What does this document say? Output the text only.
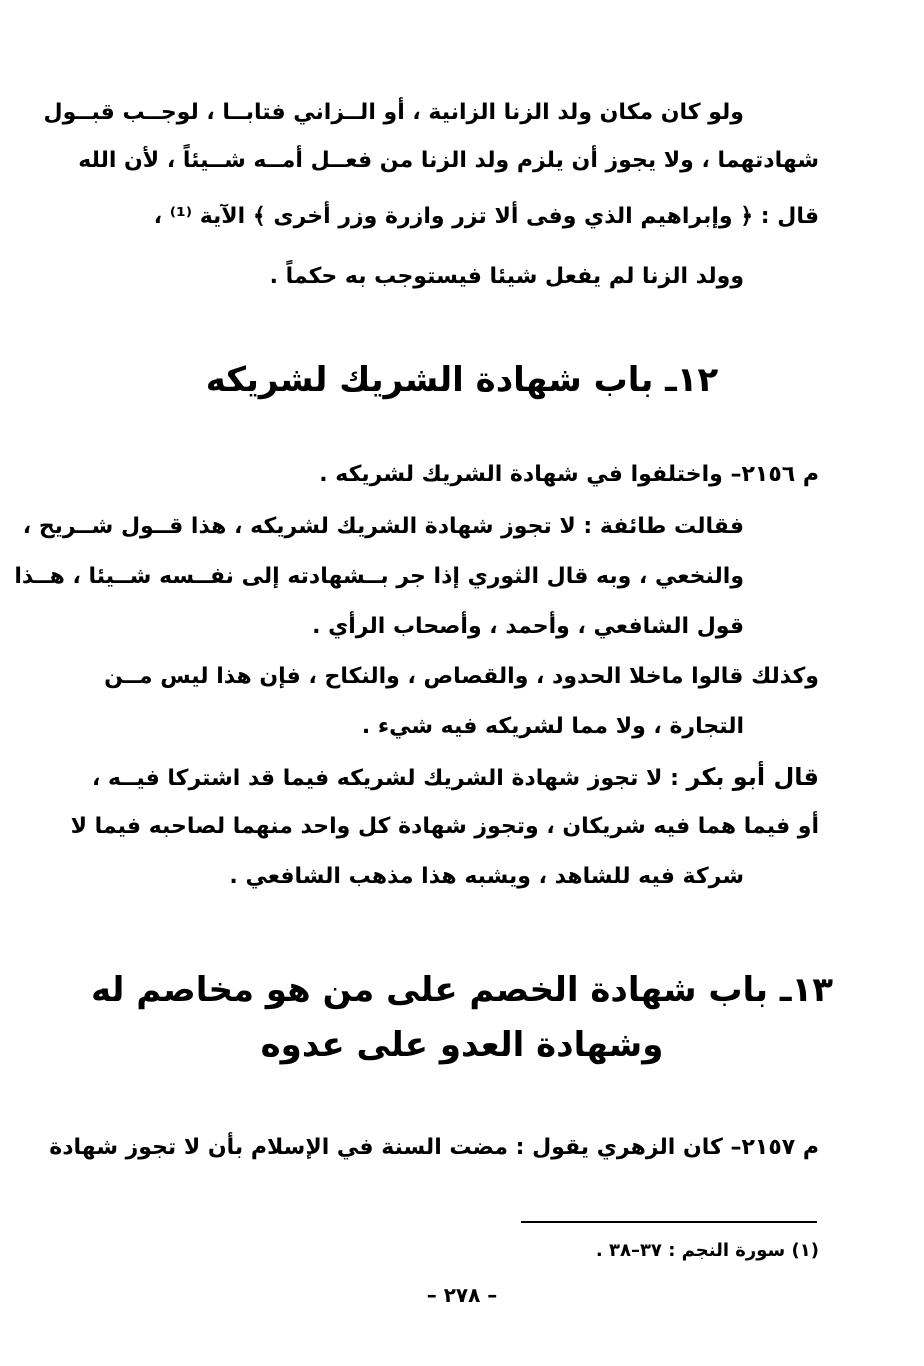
ولو كان مكان ولد الزنا الزانية ، أو الــزاني فتابــا ، لوجــب قبــول
شهادتهما ، ولا يجوز أن يلزم ولد الزنا من فعــل أمــه شــيئاً ، لأن الله
قال : ﴿ وإبراهيم الذي وفى ألا تزر وازرة وزر أخرى ﴾ الآية ⁽¹⁾ ،
وولد الزنا لم يفعل شيئا فيستوجب به حكماً .
١٢ـ باب شهادة الشريك لشريكه
م ٢١٥٦– واختلفوا في شهادة الشريك لشريكه .
فقالت طائفة : لا تجوز شهادة الشريك لشريكه ، هذا قــول شــريح ،
والنخعي ، وبه قال الثوري إذا جر بــشهادته إلى نفــسه شــيئا ، هــذا
قول الشافعي ، وأحمد ، وأصحاب الرأي .
وكذلك قالوا ماخلا الحدود ، والقصاص ، والنكاح ، فإن هذا ليس مــن
التجارة ، ولا مما لشريكه فيه شيء .
قال أبو بكر : لا تجوز شهادة الشريك لشريكه فيما قد اشتركا فيــه ،
أو فيما هما فيه شريكان ، وتجوز شهادة كل واحد منهما لصاحبه فيما لا
شركة فيه للشاهد ، ويشبه هذا مذهب الشافعي .
١٣ـ باب شهادة الخصم على من هو مخاصم له
وشهادة العدو على عدوه
م ٢١٥٧– كان الزهري يقول : مضت السنة في الإسلام بأن لا تجوز شهادة
(١) سورة النجم : ٣٧–٣٨ .
– ٢٧٨ –
